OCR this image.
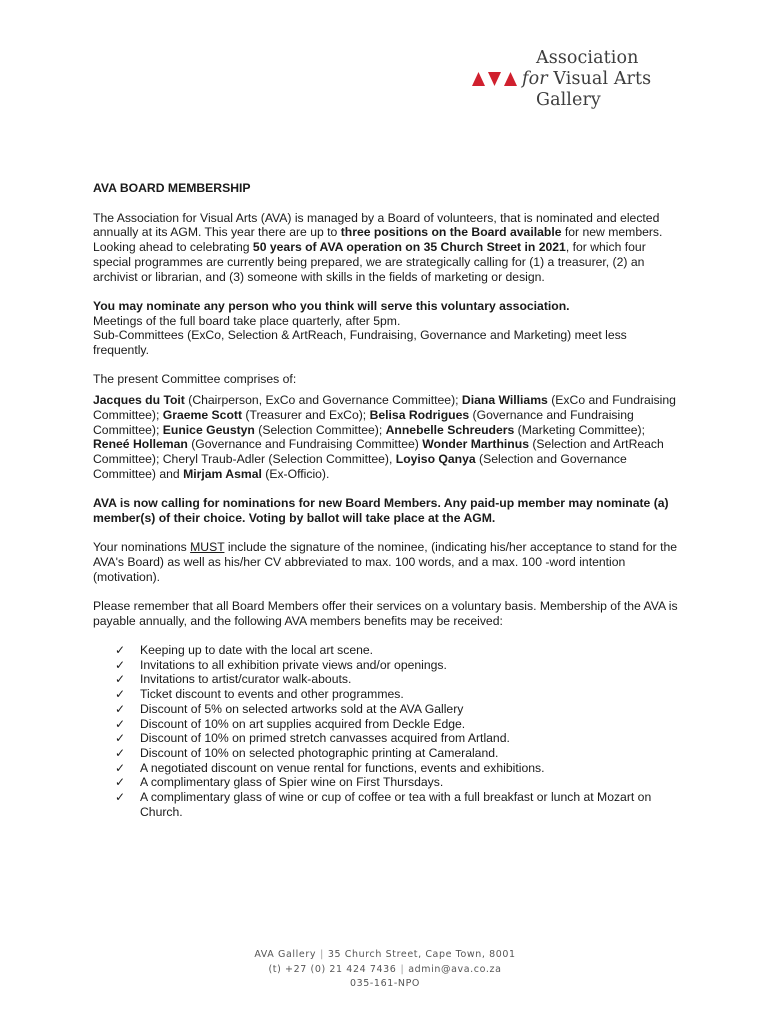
Association
for Visual Arts
Gallery

AVA BOARD MEMBERSHIP

The Association for Visual Arts (AVA) is managed by a Board of volunteers, that is nominated and elected annually at its AGM. This year there are up to three positions on the Board available for new members. Looking ahead to celebrating 50 years of AVA operation on 35 Church Street in 2021, for which four special programmes are currently being prepared, we are strategically calling for (1) a treasurer, (2) an archivist or librarian, and (3) someone with skills in the fields of marketing or design.

You may nominate any person who you think will serve this voluntary association.

Meetings of the full board take place quarterly, after 5pm.

Sub-Committees (ExCo, Selection & ArtReach, Fundraising, Governance and Marketing) meet less frequently.

The present Committee comprises of:

Jacques du Toit (Chairperson, ExCo and Governance Committee); Diana Williams (ExCo and Fundraising Committee); Graeme Scott (Treasurer and ExCo); Belisa Rodrigues (Governance and Fundraising Committee); Eunice Geustyn (Selection Committee); Annebelle Schreuders (Marketing Committee); Reneé Holleman (Governance and Fundraising Committee) Wonder Marthinus (Selection and ArtReach Committee); Cheryl Traub-Adler (Selection Committee), Loyiso Qanya (Selection and Governance Committee) and Mirjam Asmal (Ex-Officio).

AVA is now calling for nominations for new Board Members. Any paid-up member may nominate (a) member(s) of their choice. Voting by ballot will take place at the AGM.

Your nominations MUST include the signature of the nominee, (indicating his/her acceptance to stand for the AVA's Board) as well as his/her CV abbreviated to max. 100 words, and a max. 100 -word intention (motivation).

Please remember that all Board Members offer their services on a voluntary basis. Membership of the AVA is payable annually, and the following AVA members benefits may be received:

✓ Keeping up to date with the local art scene.
✓ Invitations to all exhibition private views and/or openings.
✓ Invitations to artist/curator walk-abouts.
✓ Ticket discount to events and other programmes.
✓ Discount of 5% on selected artworks sold at the AVA Gallery
✓ Discount of 10% on art supplies acquired from Deckle Edge.
✓ Discount of 10% on primed stretch canvasses acquired from Artland.
✓ Discount of 10% on selected photographic printing at Cameraland.
✓ A negotiated discount on venue rental for functions, events and exhibitions.
✓ A complimentary glass of Spier wine on First Thursdays.
✓ A complimentary glass of wine or cup of coffee or tea with a full breakfast or lunch at Mozart on Church.
AVA Gallery | 35 Church Street, Cape Town, 8001
(t) +27 (0) 21 424 7436 | admin@ava.co.za
035-161-NPO
